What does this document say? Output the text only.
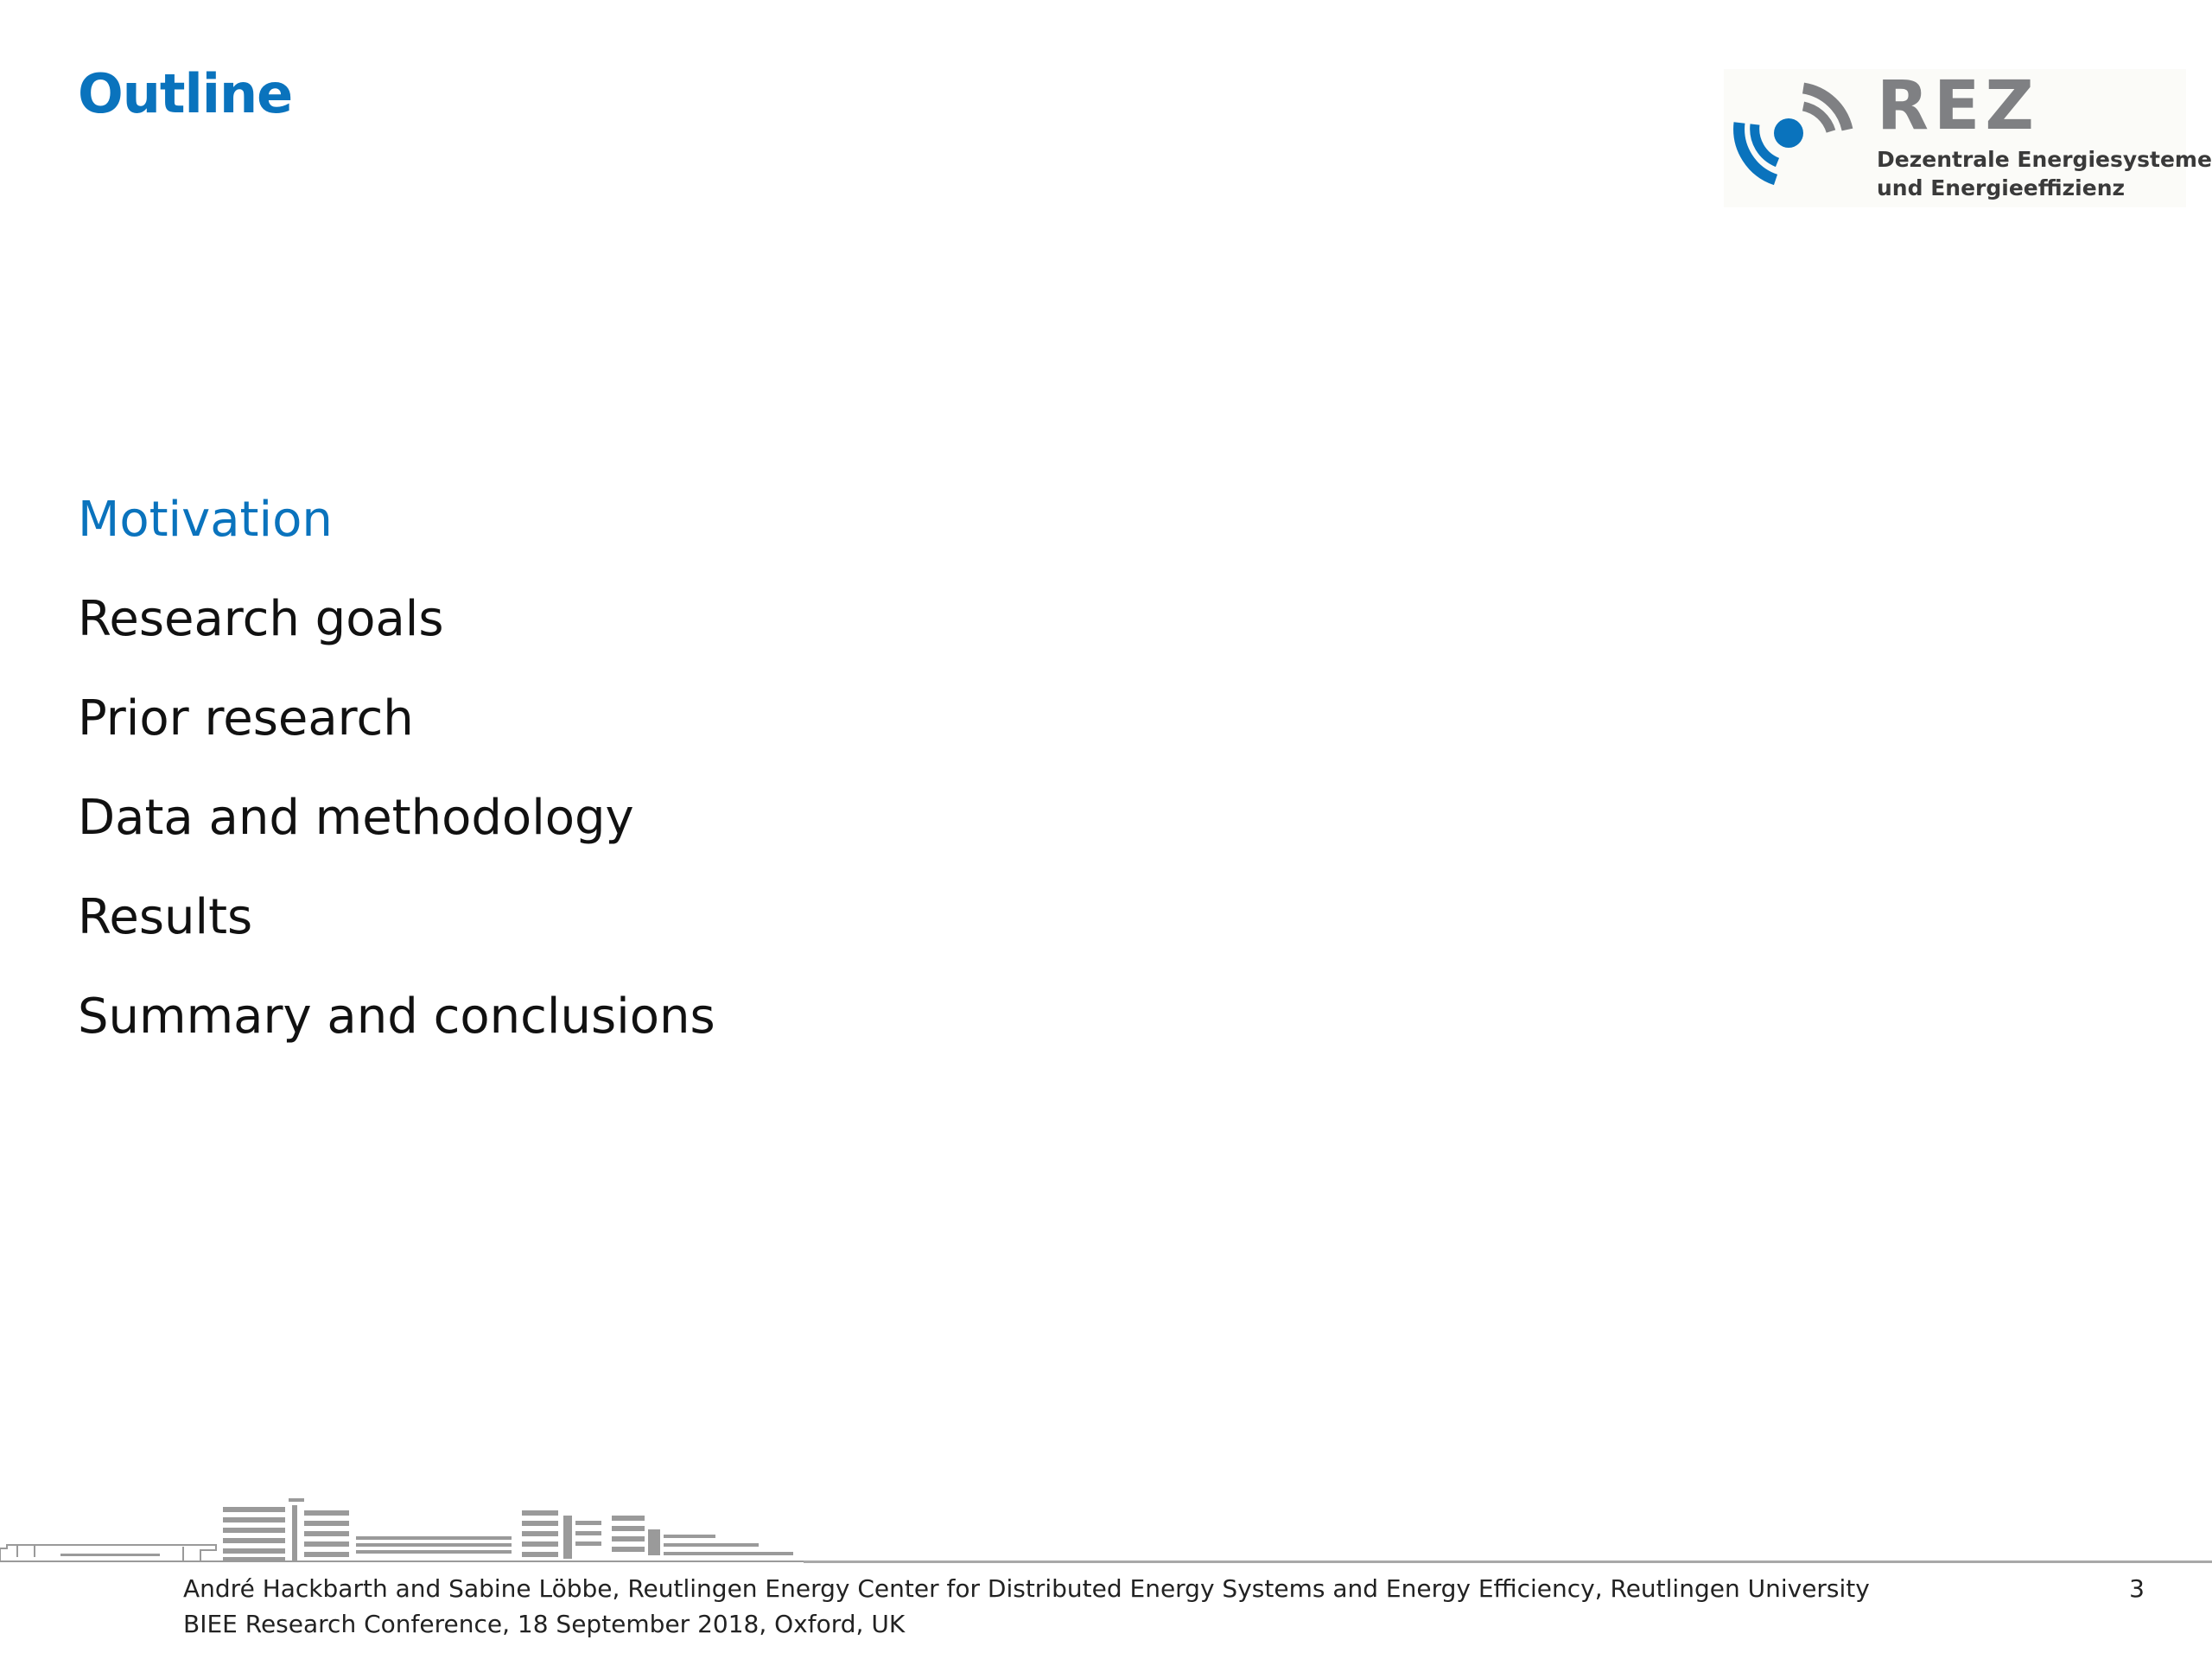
Outline	REZ
Dezentrale Energiesysteme
und Energieeffizienz
Motivation
Research goals
Prior research
Data and methodology
Results
Summary and conclusions
André Hackbarth and Sabine Löbbe, Reutlingen Energy Center for Distributed Energy Systems and Energy Efficiency, Reutlingen University
BIEE Research Conference, 18 September 2018, Oxford, UK
3
